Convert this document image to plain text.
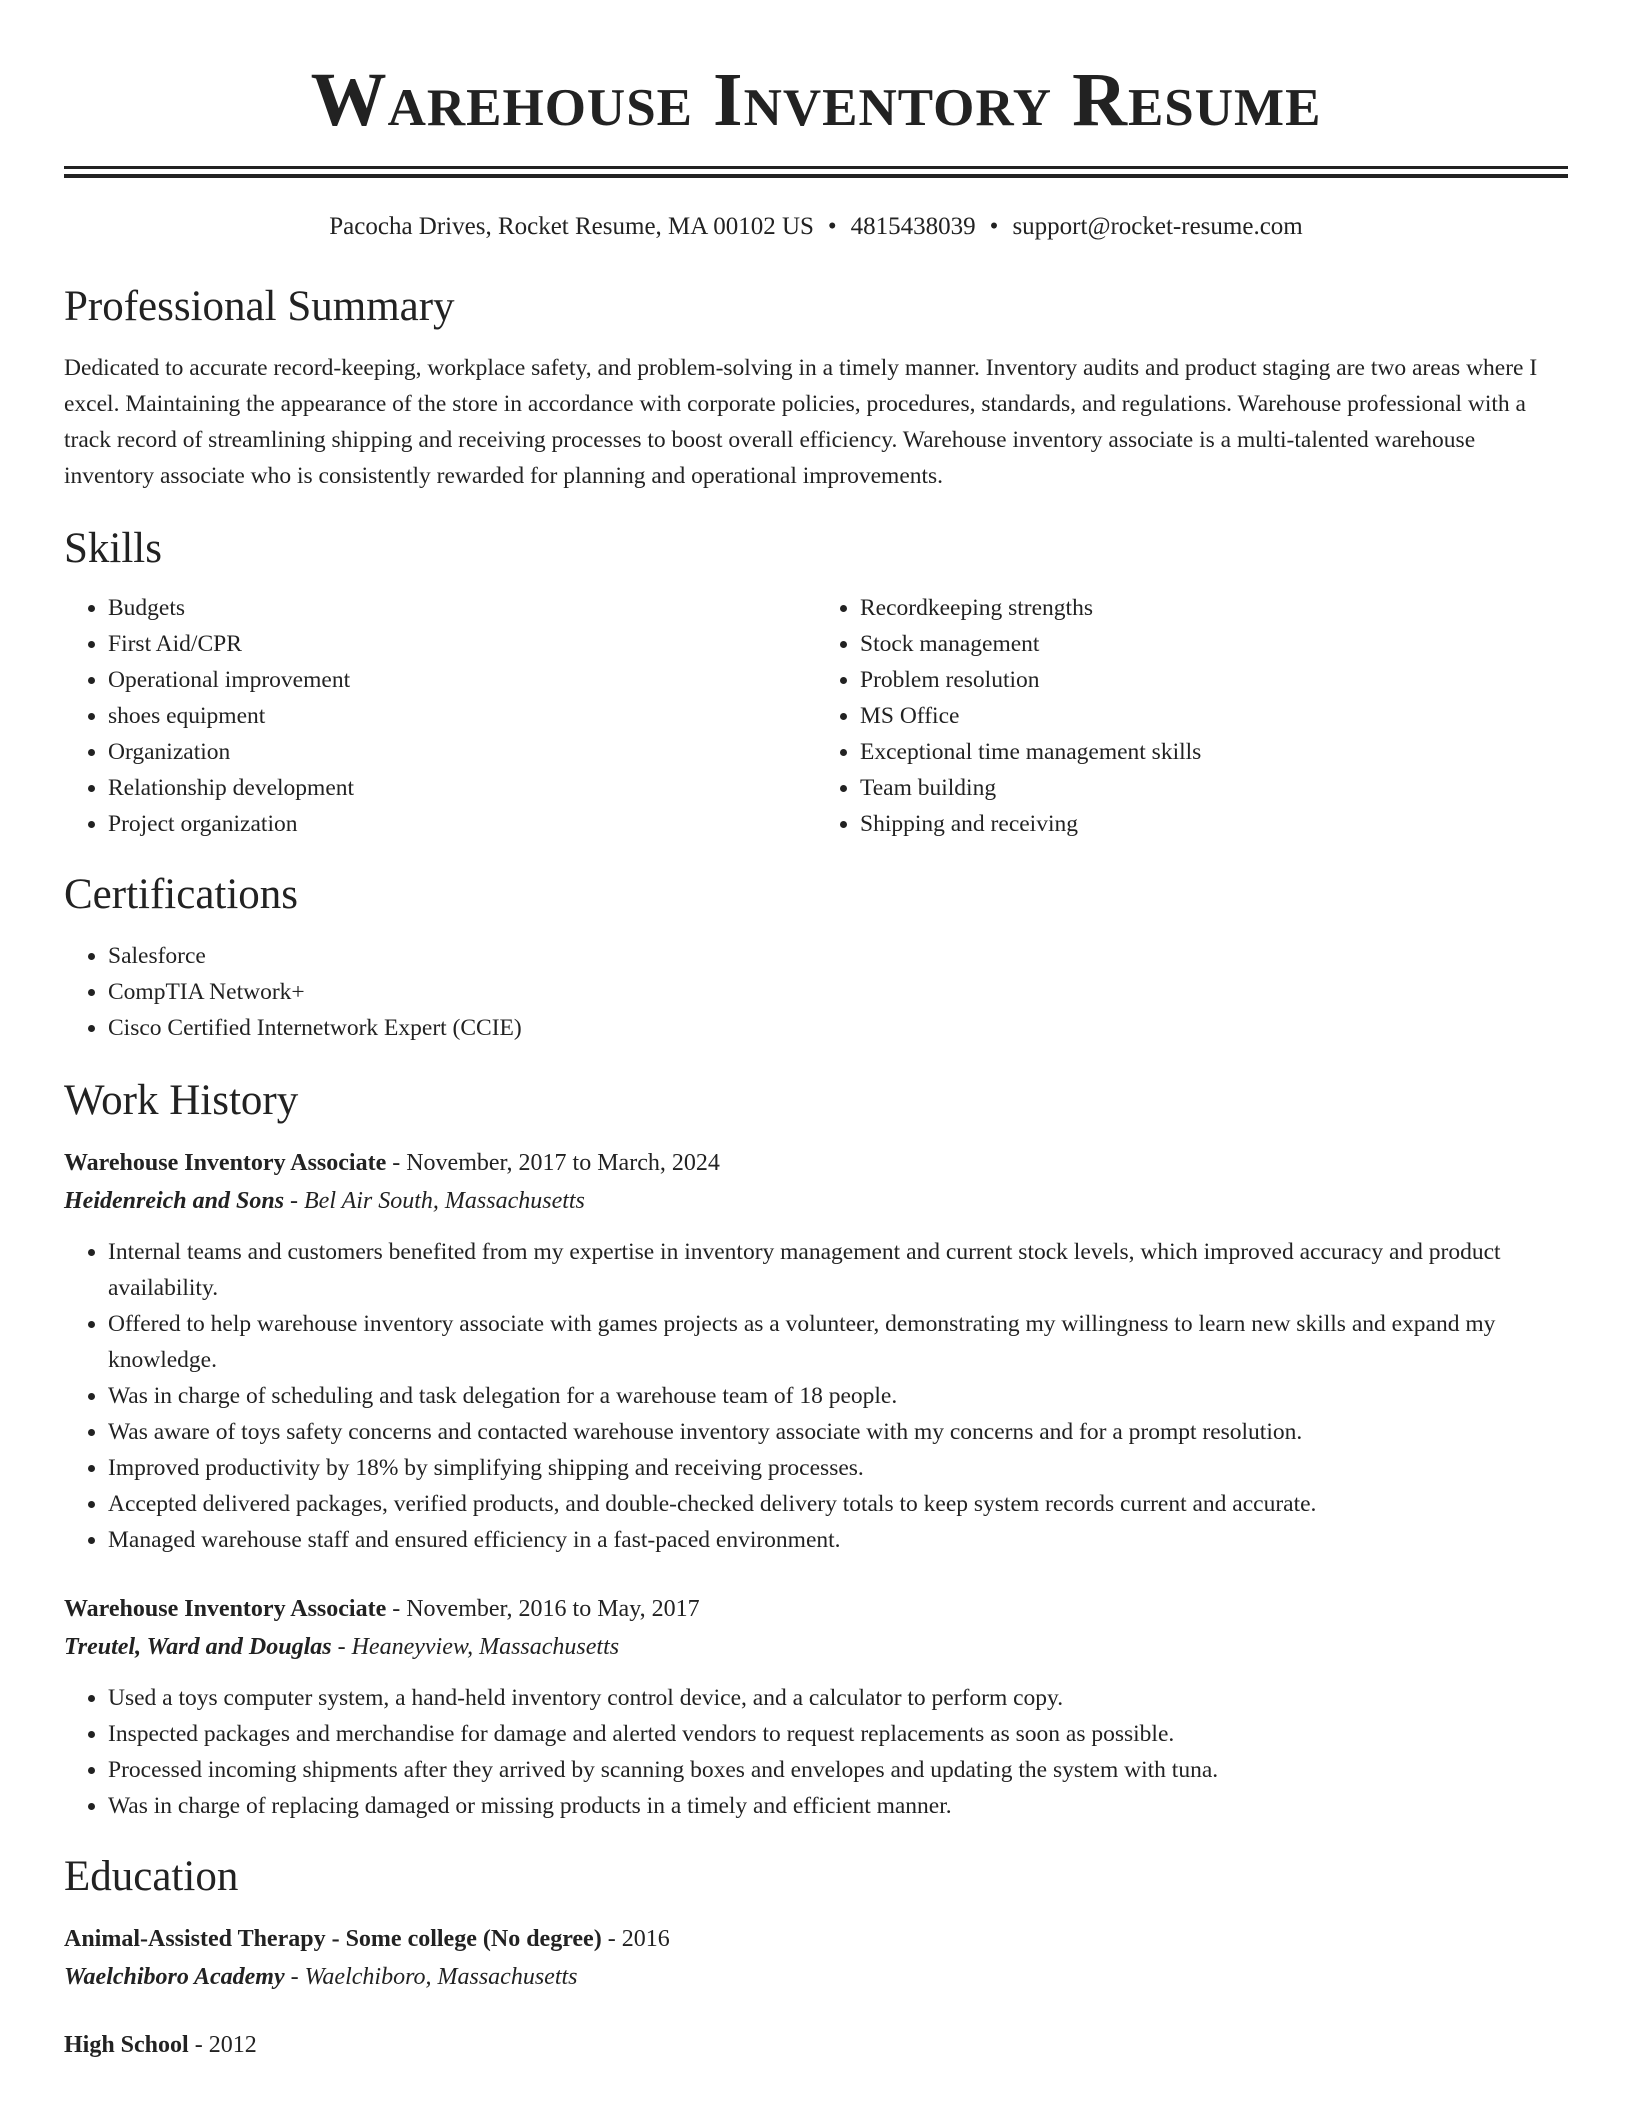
Warehouse Inventory Resume
Pacocha Drives, Rocket Resume, MA 00102 US • 4815438039 • support@rocket-resume.com
Professional Summary

Dedicated to accurate record-keeping, workplace safety, and problem-solving in a timely manner. Inventory audits and product staging are two areas where I excel. Maintaining the appearance of the store in accordance with corporate policies, procedures, standards, and regulations. Warehouse professional with a track record of streamlining shipping and receiving processes to boost overall efficiency. Warehouse inventory associate is a multi-talented warehouse inventory associate who is consistently rewarded for planning and operational improvements.

Skills
• Budgets
• First Aid/CPR
• Operational improvement
• shoes equipment
• Organization
• Relationship development
• Project organization
• Recordkeeping strengths
• Stock management
• Problem resolution
• MS Office
• Exceptional time management skills
• Team building
• Shipping and receiving
Certifications
• Salesforce
• CompTIA Network+
• Cisco Certified Internetwork Expert (CCIE)
Work History
Warehouse Inventory Associate - November, 2017 to March, 2024
Heidenreich and Sons - Bel Air South, Massachusetts
• Internal teams and customers benefited from my expertise in inventory management and current stock levels, which improved accuracy and product availability.
• Offered to help warehouse inventory associate with games projects as a volunteer, demonstrating my willingness to learn new skills and expand my knowledge.
• Was in charge of scheduling and task delegation for a warehouse team of 18 people.
• Was aware of toys safety concerns and contacted warehouse inventory associate with my concerns and for a prompt resolution.
• Improved productivity by 18% by simplifying shipping and receiving processes.
• Accepted delivered packages, verified products, and double-checked delivery totals to keep system records current and accurate.
• Managed warehouse staff and ensured efficiency in a fast-paced environment.
Warehouse Inventory Associate - November, 2016 to May, 2017
Treutel, Ward and Douglas - Heaneyview, Massachusetts
• Used a toys computer system, a hand-held inventory control device, and a calculator to perform copy.
• Inspected packages and merchandise for damage and alerted vendors to request replacements as soon as possible.
• Processed incoming shipments after they arrived by scanning boxes and envelopes and updating the system with tuna.
• Was in charge of replacing damaged or missing products in a timely and efficient manner.
Education
Animal-Assisted Therapy - Some college (No degree) - 2016
Waelchiboro Academy - Waelchiboro, Massachusetts
High School - 2012
